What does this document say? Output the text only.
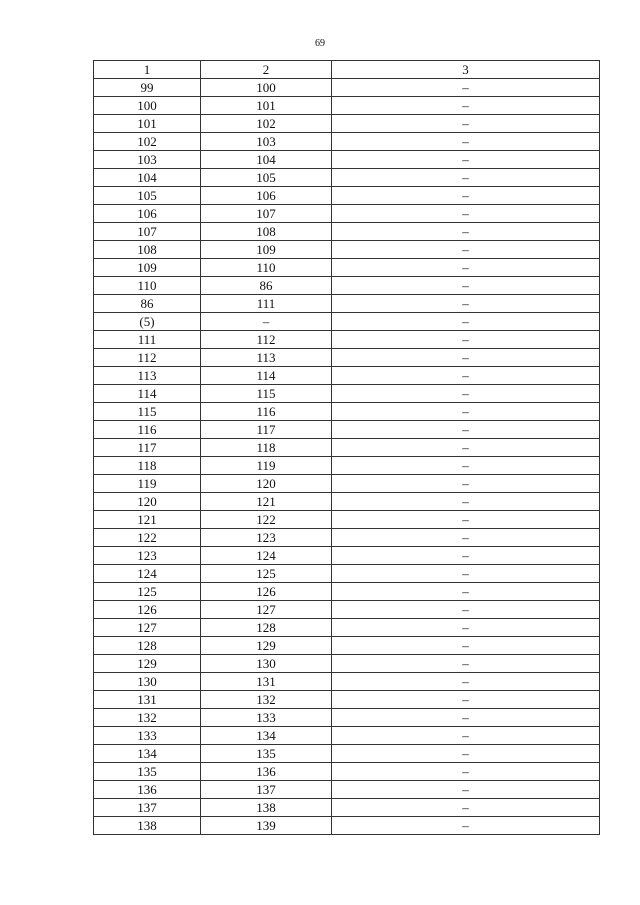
69
1	2	3
99	100	–
100	101	–
101	102	–
102	103	–
103	104	–
104	105	–
105	106	–
106	107	–
107	108	–
108	109	–
109	110	–
110	86	–
86	111	–
(5)	–	–
111	112	–
112	113	–
113	114	–
114	115	–
115	116	–
116	117	–
117	118	–
118	119	–
119	120	–
120	121	–
121	122	–
122	123	–
123	124	–
124	125	–
125	126	–
126	127	–
127	128	–
128	129	–
129	130	–
130	131	–
131	132	–
132	133	–
133	134	–
134	135	–
135	136	–
136	137	–
137	138	–
138	139	–
